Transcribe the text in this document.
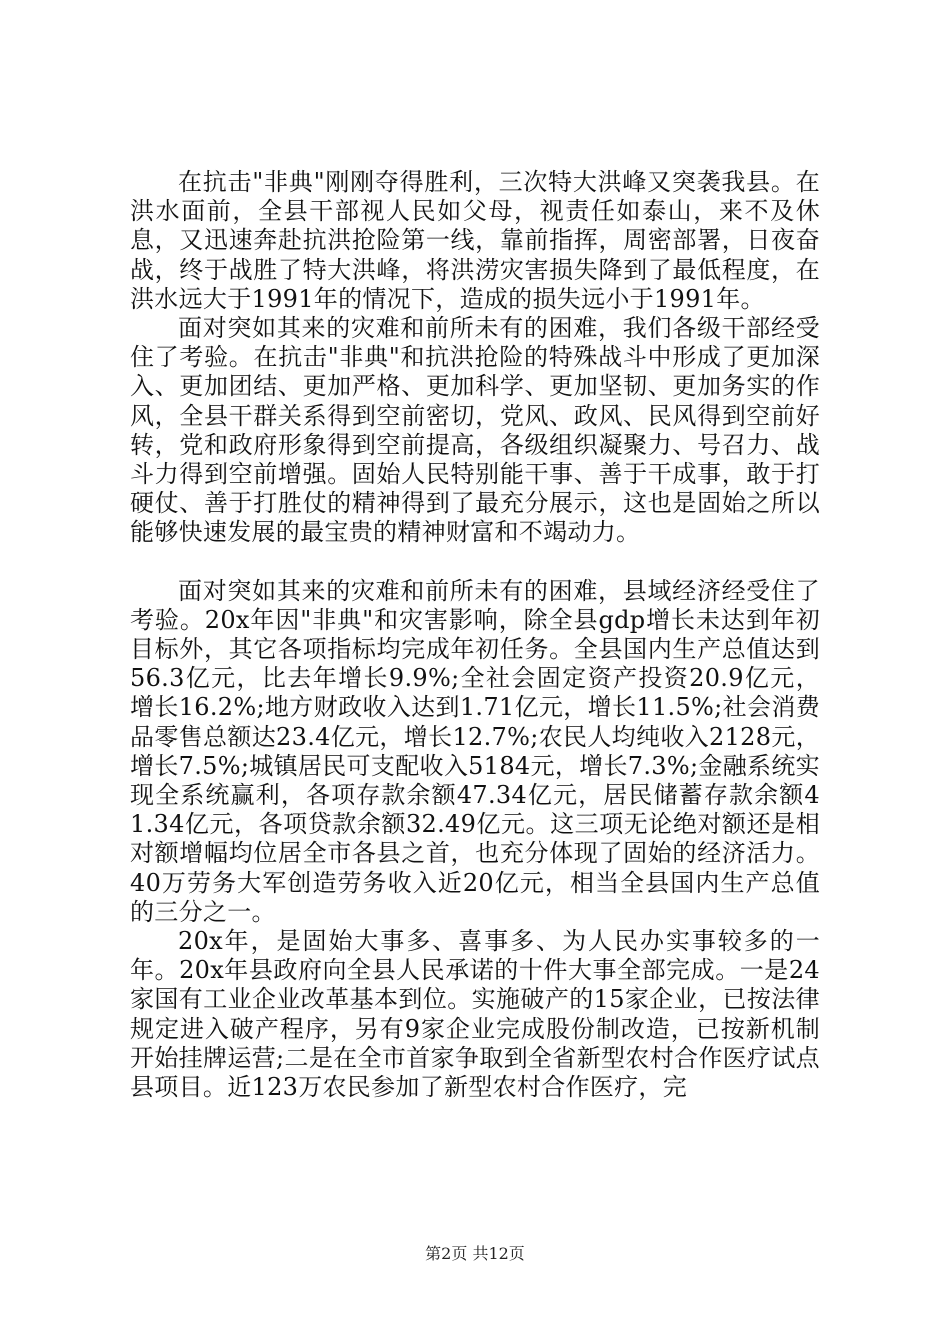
在抗击"非典"刚刚夺得胜利，三次特大洪峰又突袭我县。在洪水面前，全县干部视人民如父母，视责任如泰山，来不及休息，又迅速奔赴抗洪抢险第一线，靠前指挥，周密部署，日夜奋战，终于战胜了特大洪峰，将洪涝灾害损失降到了最低程度，在洪水远大于1991年的情况下，造成的损失远小于1991年。

面对突如其来的灾难和前所未有的困难，我们各级干部经受住了考验。在抗击"非典"和抗洪抢险的特殊战斗中形成了更加深入、更加团结、更加严格、更加科学、更加坚韧、更加务实的作风，全县干群关系得到空前密切，党风、政风、民风得到空前好转，党和政府形象得到空前提高，各级组织凝聚力、号召力、战斗力得到空前增强。固始人民特别能干事、善于干成事，敢于打硬仗、善于打胜仗的精神得到了最充分展示，这也是固始之所以能够快速发展的最宝贵的精神财富和不竭动力。

面对突如其来的灾难和前所未有的困难，县域经济经受住了考验。20x年因"非典"和灾害影响，除全县gdp增长未达到年初目标外，其它各项指标均完成年初任务。全县国内生产总值达到56.3亿元，比去年增长9.9%;全社会固定资产投资20.9亿元，增长16.2%;地方财政收入达到1.71亿元，增长11.5%;社会消费品零售总额达23.4亿元，增长12.7%;农民人均纯收入2128元，增长7.5%;城镇居民可支配收入5184元，增长7.3%;金融系统实现全系统赢利，各项存款余额47.34亿元，居民储蓄存款余额41.34亿元，各项贷款余额32.49亿元。这三项无论绝对额还是相对额增幅均位居全市各县之首，也充分体现了固始的经济活力。40万劳务大军创造劳务收入近20亿元，相当全县国内生产总值的三分之一。

20x年，是固始大事多、喜事多、为人民办实事较多的一年。20x年县政府向全县人民承诺的十件大事全部完成。一是24家国有工业企业改革基本到位。实施破产的15家企业，已按法律规定进入破产程序，另有9家企业完成股份制改造，已按新机制开始挂牌运营;二是在全市首家争取到全省新型农村合作医疗试点县项目。近123万农民参加了新型农村合作医疗，完

第2页 共12页
